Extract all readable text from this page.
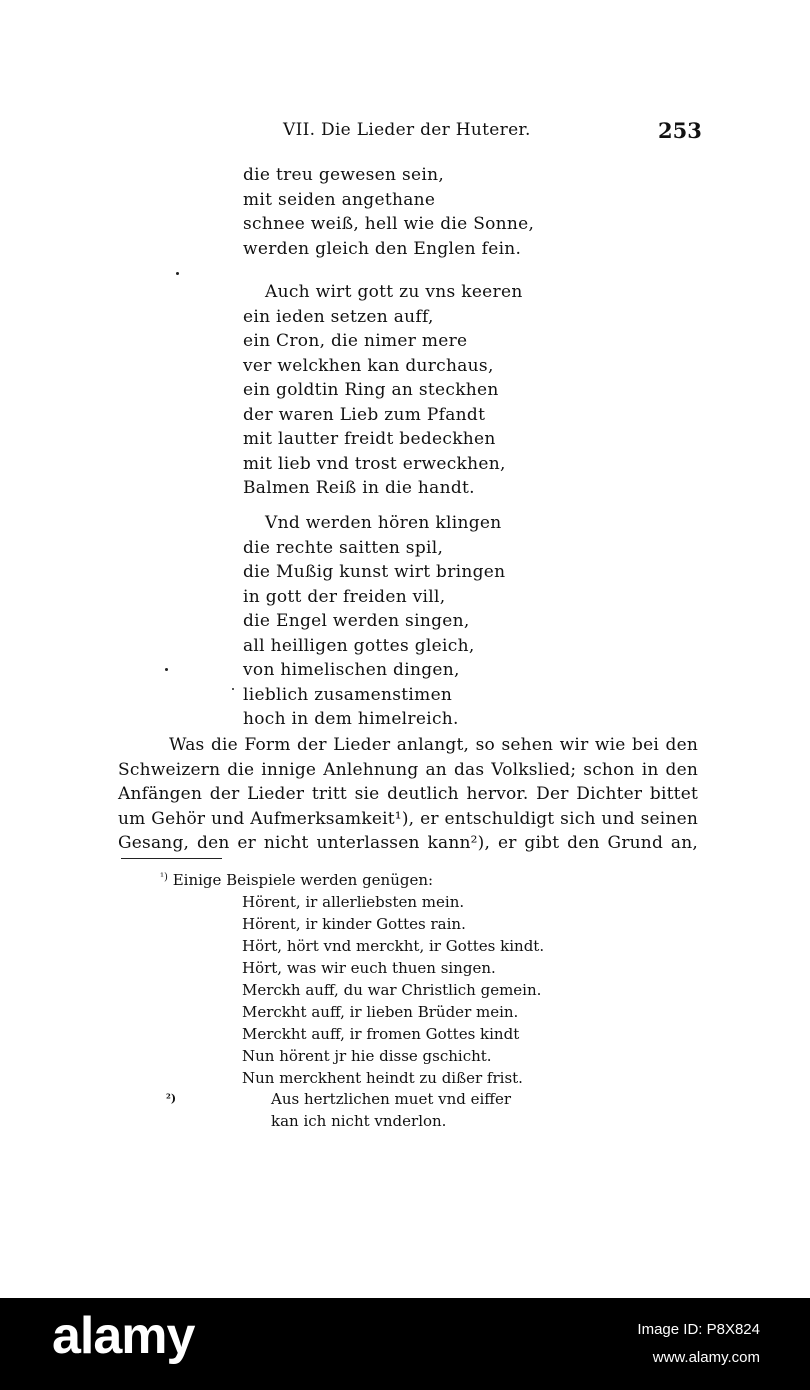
VII. Die Lieder der Huterer.	253
die treu gewesen sein,
mit seiden angethane
schnee weiß, hell wie die Sonne,
werden gleich den Englen fein.
Auch wirt gott zu vns keeren
ein ieden setzen auff,
ein Cron, die nimer mere
ver welckhen kan durchaus,
ein goldtin Ring an steckhen
der waren Lieb zum Pfandt
mit lautter freidt bedeckhen
mit lieb vnd trost erweckhen,
Balmen Reiß in die handt.
Vnd werden hören klingen
die rechte saitten spil,
die Mußig kunst wirt bringen
in gott der freiden vill,
die Engel werden singen,
all heilligen gottes gleich,
von himelischen dingen,
lieblich zusamenstimen
hoch in dem himelreich.
Was die Form der Lieder anlangt, so sehen wir wie bei den
Schweizern die innige Anlehnung an das Volkslied; schon in den
Anfängen der Lieder tritt sie deutlich hervor. Der Dichter bittet
um Gehör und Aufmerksamkeit¹), er entschuldigt sich und seinen
Gesang, den er nicht unterlassen kann²), er gibt den Grund an,
$^{^1)}$ Einige Beispiele werden genügen:
Hörent, ir allerliebsten mein.
Hörent, ir kinder Gottes rain.
Hört, hört vnd merckht, ir Gottes kindt.
Hört, was wir euch thuen singen.
Merckh auff, du war Christlich gemein.
Merckht auff, ir lieben Brüder mein.
Merckht auff, ir fromen Gottes kindt
Nun hörent jr hie disse gschicht.
Nun merckhent heindt zu dißer frist.
²)	Aus hertzlichen muet vnd eiffer
kan ich nicht vnderlon.
alamy	Image ID: P8X824
www.alamy.com
